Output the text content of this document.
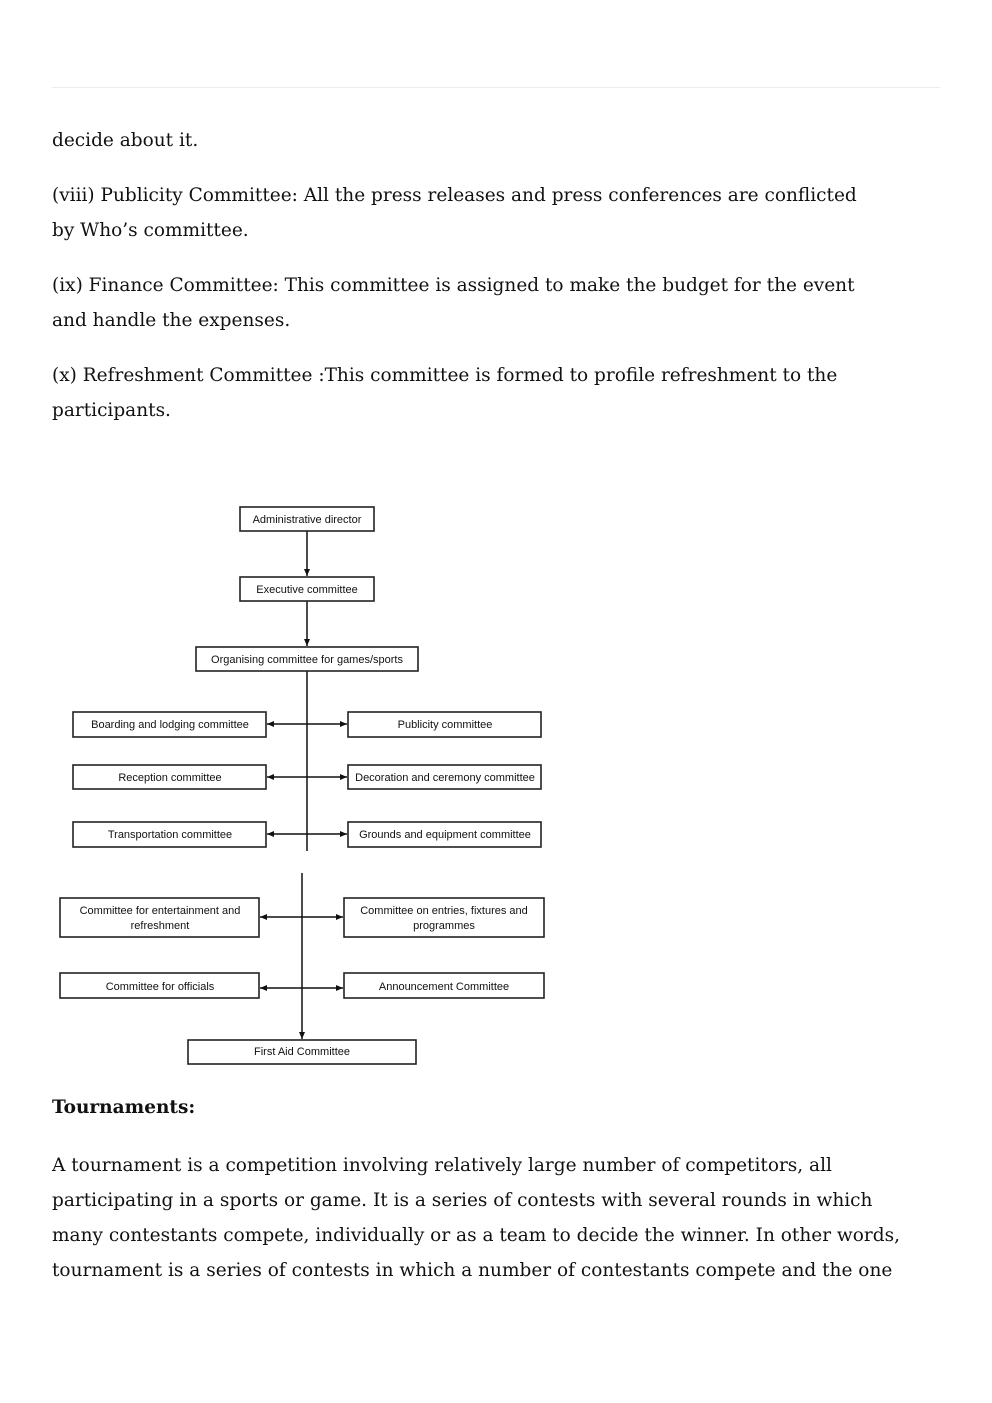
decide about it.

(viii) Publicity Committee: All the press releases and press conferences are conflicted by Who’s committee.

(ix) Finance Committee: This committee is assigned to make the budget for the event and handle the expenses.

(x) Refreshment Committee :This committee is formed to profile refreshment to the participants.

Administrative director
Executive committee
Organising committee for games/sports
Boarding and lodging committee	Publicity committee
Reception committee	Decoration and ceremony committee
Transportation committee	Grounds and equipment committee
Committee for entertainment and
refreshment
Committee on entries, fixtures and
programmes
Committee for officials	Announcement Committee
First Aid Committee
Tournaments:

A tournament is a competition involving relatively large number of competitors, all participating in a sports or game. It is a series of contests with several rounds in which many contestants compete, individually or as a team to decide the winner. In other words, tournament is a series of contests in which a number of contestants compete and the one
